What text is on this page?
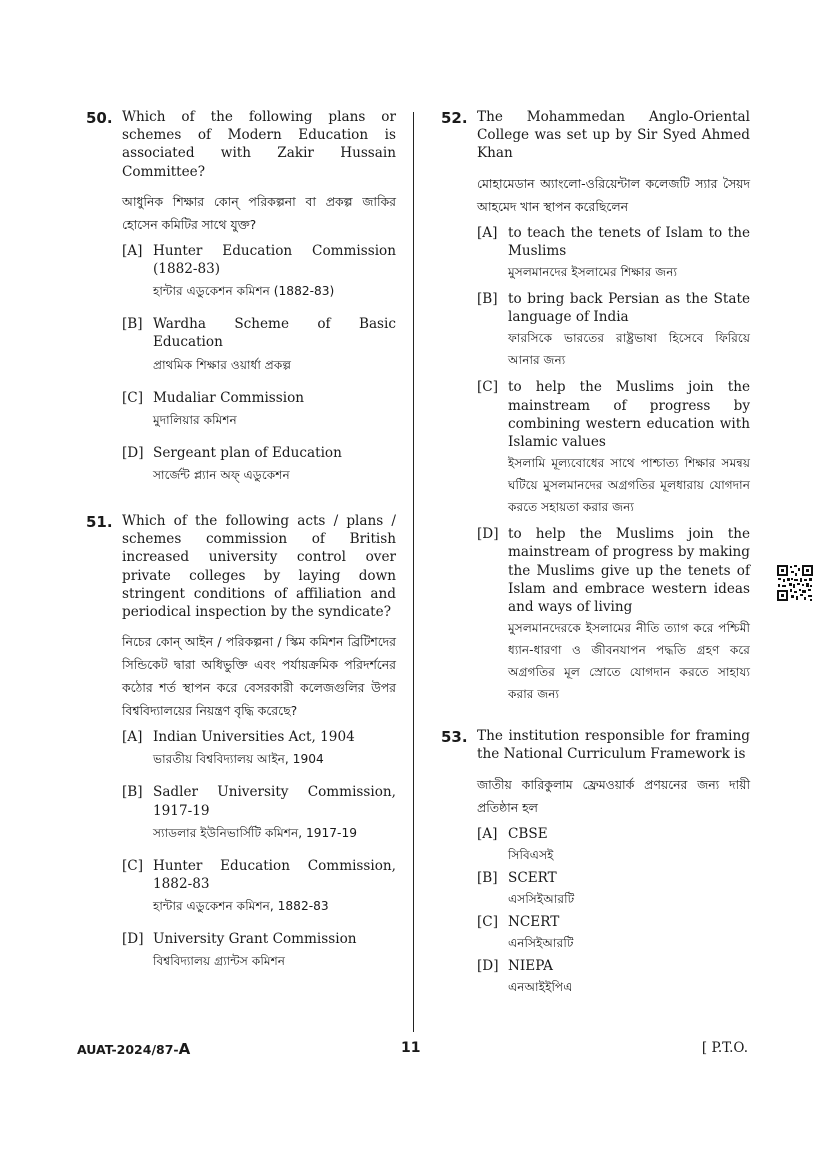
50. Which of the following plans or schemes of Modern Education is associated with Zakir Hussain Committee?
আধুনিক শিক্ষার কোন্‌ পরিকল্পনা বা প্রকল্প জাকির হোসেন কমিটির সাথে যুক্ত?
[A] Hunter Education Commission (1882-83)
হান্টার এডুকেশন কমিশন (1882-83)
[B] Wardha Scheme of Basic Education
প্রাথমিক শিক্ষার ওয়ার্ধা প্রকল্প
[C] Mudaliar Commission
মুদালিয়ার কমিশন
[D] Sergeant plan of Education
সার্জেন্ট প্ল্যান অফ্‌ এডুকেশন
51. Which of the following acts / plans / schemes commission of British increased university control over private colleges by laying down stringent conditions of affiliation and periodical inspection by the syndicate?
নিচের কোন্‌ আইন / পরিকল্পনা / স্কিম কমিশন ব্রিটিশদের সিন্ডিকেট দ্বারা অধিভুক্তি এবং পর্যায়ক্রমিক পরিদর্শনের কঠোর শর্ত স্থাপন করে বেসরকারী কলেজগুলির উপর বিশ্ববিদ্যালয়ের নিয়ন্ত্রণ বৃদ্ধি করেছে?
[A] Indian Universities Act, 1904
ভারতীয় বিশ্ববিদ্যালয় আইন, 1904
[B] Sadler University Commission, 1917-19
স্যাডলার ইউনিভার্সিটি কমিশন, 1917-19
[C] Hunter Education Commission, 1882-83
হান্টার এডুকেশন কমিশন, 1882-83
[D] University Grant Commission
বিশ্ববিদ্যালয় গ্র্যান্টস কমিশন
52. The Mohammedan Anglo-Oriental College was set up by Sir Syed Ahmed Khan
মোহামেডান অ্যাংলো-ওরিয়েন্টাল কলেজটি স্যার সৈয়দ আহমেদ খান স্থাপন করেছিলেন
[A] to teach the tenets of Islam to the Muslims
মুসলমানদের ইসলামের শিক্ষার জন্য
[B] to bring back Persian as the State language of India
ফারসিকে ভারতের রাষ্ট্রভাষা হিসেবে ফিরিয়ে আনার জন্য
[C] to help the Muslims join the mainstream of progress by combining western education with Islamic values
ইসলামি মূল্যবোধের সাথে পাশ্চাত্য শিক্ষার সমন্বয় ঘটিয়ে মুসলমানদের অগ্রগতির মূলধারায় যোগদান করতে সহায়তা করার জন্য
[D] to help the Muslims join the mainstream of progress by making the Muslims give up the tenets of Islam and embrace western ideas and ways of living
মুসলমানদেরকে ইসলামের নীতি ত্যাগ করে পশ্চিমী ধ্যান-ধারণা ও জীবনযাপন পদ্ধতি গ্রহণ করে অগ্রগতির মূল স্রোতে যোগদান করতে সাহায্য করার জন্য
53. The institution responsible for framing the National Curriculum Framework is
জাতীয় কারিকুলাম ফ্রেমওয়ার্ক প্রণয়নের জন্য দায়ী প্রতিষ্ঠান হল
[A] CBSE
সিবিএসই
[B] SCERT
এসসিইআরটি
[C] NCERT
এনসিইআরটি
[D] NIEPA
এনআইইপিএ
AUAT-2024/87-A	11	[ P.T.O.
